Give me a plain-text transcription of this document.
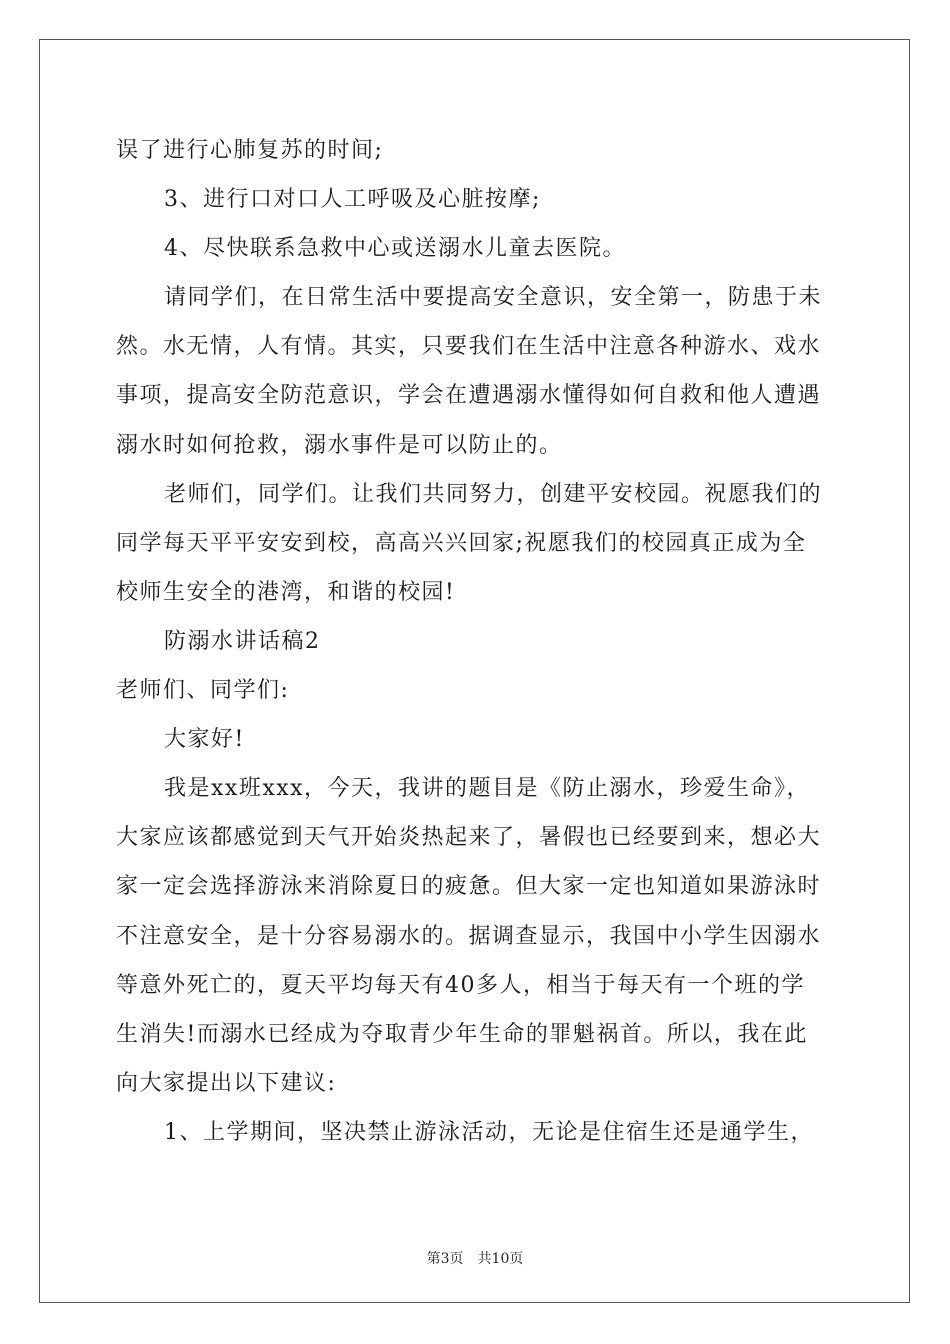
误了进行心肺复苏的时间;
3、进行口对口人工呼吸及心脏按摩;
4、尽快联系急救中心或送溺水儿童去医院。
请同学们，在日常生活中要提高安全意识，安全第一，防患于未
然。水无情，人有情。其实，只要我们在生活中注意各种游水、戏水
事项，提高安全防范意识，学会在遭遇溺水懂得如何自救和他人遭遇
溺水时如何抢救，溺水事件是可以防止的。
老师们，同学们。让我们共同努力，创建平安校园。祝愿我们的
同学每天平平安安到校，高高兴兴回家;祝愿我们的校园真正成为全
校师生安全的港湾，和谐的校园!
防溺水讲话稿2
老师们、同学们:
大家好!
我是xx班xxx，今天，我讲的题目是《防止溺水，珍爱生命》，
大家应该都感觉到天气开始炎热起来了，暑假也已经要到来，想必大
家一定会选择游泳来消除夏日的疲惫。但大家一定也知道如果游泳时
不注意安全，是十分容易溺水的。据调查显示，我国中小学生因溺水
等意外死亡的，夏天平均每天有40多人，相当于每天有一个班的学
生消失!而溺水已经成为夺取青少年生命的罪魁祸首。所以，我在此
向大家提出以下建议:
1、上学期间，坚决禁止游泳活动，无论是住宿生还是通学生，
第3页　共10页
